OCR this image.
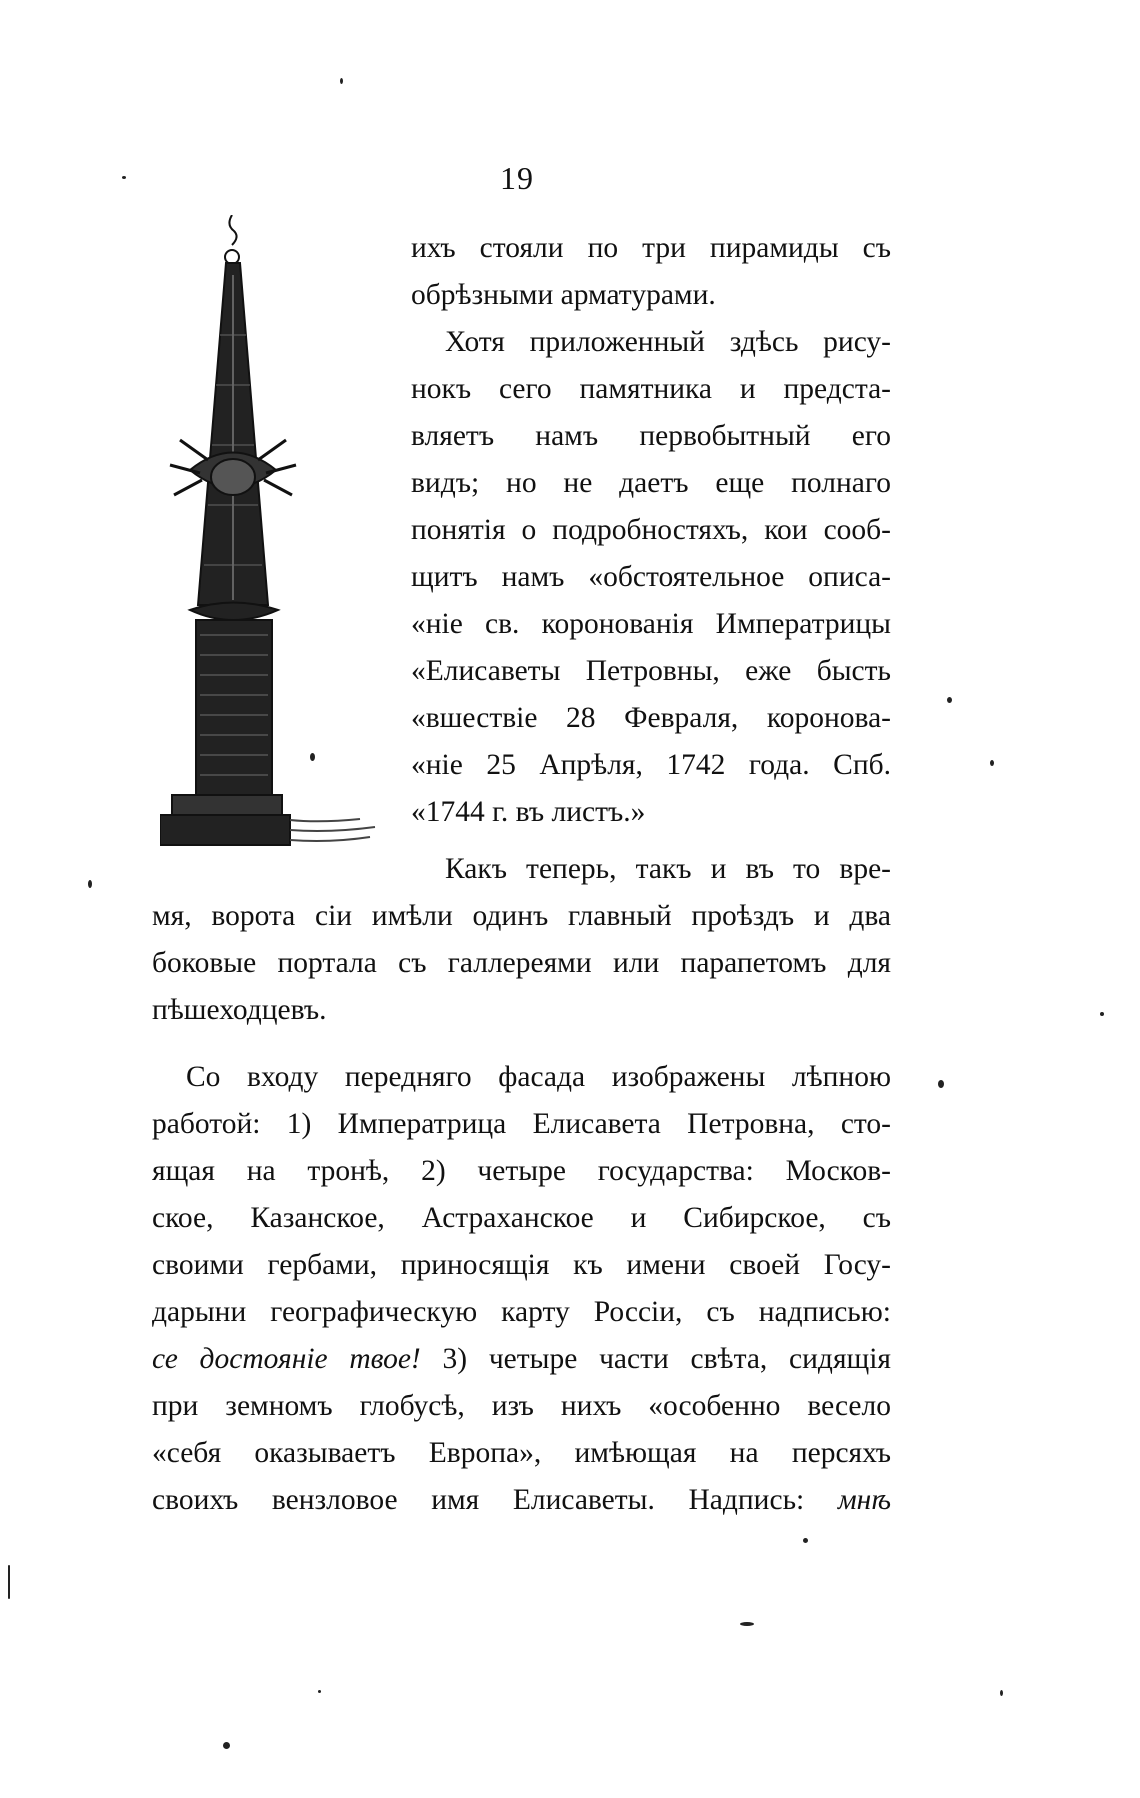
19
ихъ стояли по три пирамиды съ
обрѣзными арматурами.
Хотя приложенный здѣсь рису-
нокъ сего памятника и предста-
вляетъ намъ первобытный его
видъ; но не даетъ еще полнаго
понятія о подробностяхъ, кои сооб-
щитъ намъ «обстоятельное описа-
«ніе св. коронованія Императрицы
«Елисаветы Петровны, еже бысть
«вшествіе 28 Февраля, коронова-
«ніе 25 Апрѣля, 1742 года. Спб.
«1744 г. въ листъ.»
Какъ теперь, такъ и въ то вре-
мя, ворота сіи имѣли одинъ главный проѣздъ и два
боковые портала съ галлереями или парапетомъ для
пѣшеходцевъ.
Со входу передняго фасада изображены лѣпною
работой: 1) Императрица Елисавета Петровна, сто-
ящая на тронѣ, 2) четыре государства: Москов-
ское, Казанское, Астраханское и Сибирское, съ
своими гербами, приносящія къ имени своей Госу-
дарыни географическую карту Россіи, съ надписью:
се достояніе твое! 3) четыре части свѣта, сидящія
при земномъ глобусѣ, изъ нихъ «особенно весело
«себя оказываетъ Европа», имѣющая на персяхъ
своихъ вензловое имя Елисаветы. Надпись: мнѣ
